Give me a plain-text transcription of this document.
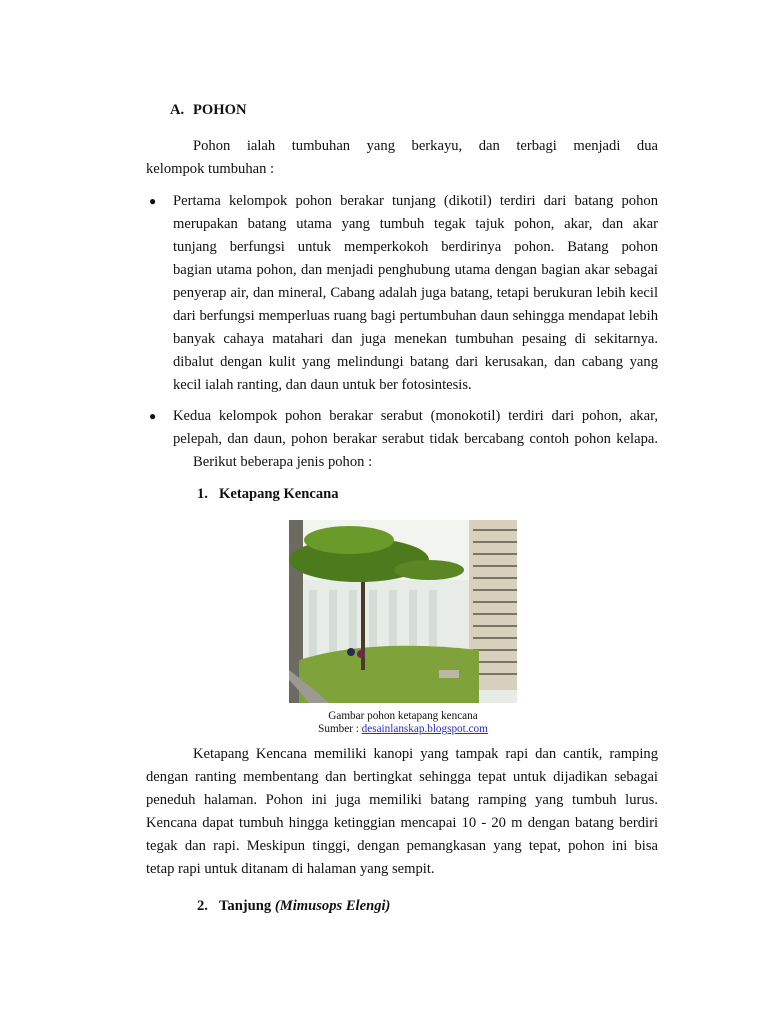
A. POHON
Pohon ialah tumbuhan yang berkayu, dan terbagi menjadi dua
kelompok tumbuhan :
● Pertama kelompok pohon berakar tunjang (dikotil) terdiri dari batang pohon
merupakan batang utama yang tumbuh tegak tajuk pohon, akar, dan akar
tunjang berfungsi untuk memperkokoh berdirinya pohon. Batang pohon
bagian utama pohon, dan menjadi penghubung utama dengan bagian akar sebagai
penyerap air, dan mineral, Cabang adalah juga batang, tetapi berukuran lebih kecil
dari berfungsi memperluas ruang bagi pertumbuhan daun sehingga mendapat lebih
banyak cahaya matahari dan juga menekan tumbuhan pesaing di sekitarnya.
dibalut dengan kulit yang melindungi batang dari kerusakan, dan cabang yang
kecil ialah ranting, dan daun untuk ber fotosintesis.
● Kedua kelompok pohon berakar serabut (monokotil) terdiri dari pohon, akar,
pelepah, dan daun, pohon berakar serabut tidak bercabang contoh pohon kelapa.
Berikut beberapa jenis pohon :
1. Ketapang Kencana
Gambar pohon ketapang kencana
Sumber : desainlanskap.blogspot.com
Ketapang Kencana memiliki kanopi yang tampak rapi dan cantik, ramping
dengan ranting membentang dan bertingkat sehingga tepat untuk dijadikan sebagai
peneduh halaman. Pohon ini juga memiliki batang ramping yang tumbuh lurus.
Kencana dapat tumbuh hingga ketinggian mencapai 10 - 20 m dengan batang berdiri
tegak dan rapi. Meskipun tinggi, dengan pemangkasan yang tepat, pohon ini bisa
tetap rapi untuk ditanam di halaman yang sempit.
2. Tanjung (Mimusops Elengi)
